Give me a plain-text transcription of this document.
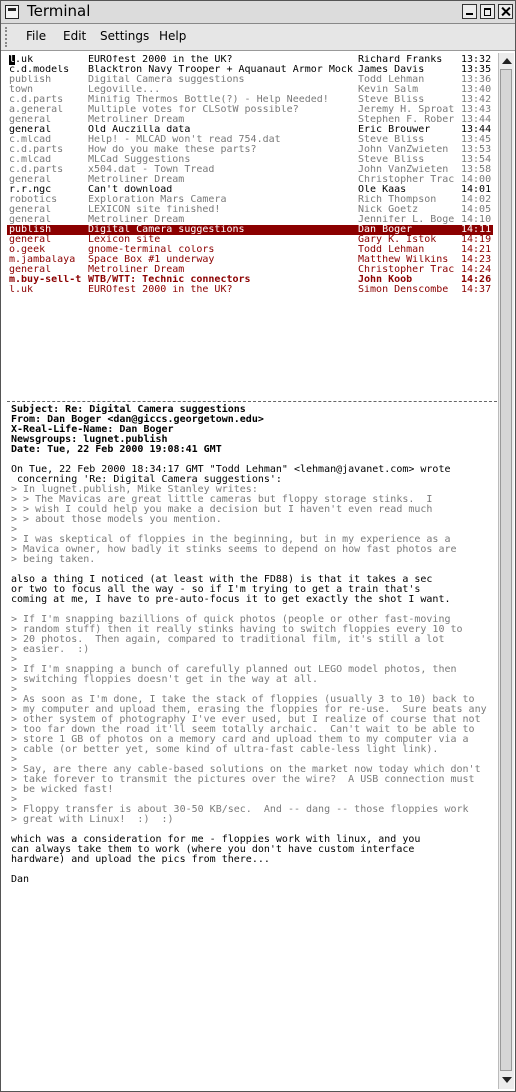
Terminal
File Edit Settings Help
l.uk	EUROfest 2000 in the UK?	Richard Franks	13:32
c.d.models	Blacktron Navy Trooper + Aquanaut Armor Mock James Davis	13:35
publish	Digital Camera suggestions	Todd Lehman	13:36
town	Legoville...	Kevin Salm	13:40
c.d.parts	Minifig Thermos Bottle(?) - Help Needed!	Steve Bliss	13:42
a.general	Multiple votes for CLSotW possible?	Jeremy H. Sproat 13:43
general	Metroliner Dream	Stephen F. Rober 13:44
general	Old Auczilla data	Eric Brouwer	13:44
c.mlcad	Help! - MLCAD won't read 754.dat	Steve Bliss	13:45
c.d.parts	How do you make these parts?	John VanZwieten	13:53
c.mlcad	MLCad Suggestions	Steve Bliss	13:54
c.d.parts	x504.dat - Town Tread	John VanZwieten	13:58
general	Metroliner Dream	Christopher Trac 14:00
r.r.ngc	Can't download	Ole Kaas	14:01
robotics	Exploration Mars Camera	Rich Thompson	14:02
general	LEXICON site finished!	Nick Goetz	14:05
general	Metroliner Dream	Jennifer L. Boge 14:10
publish	Digital Camera suggestions	Dan Boger	14:11
general	Lexicon site	Gary K. Istok	14:19
o.geek	gnome-terminal colors	Todd Lehman	14:21
m.jambalaya	Space Box #1 underway	Matthew Wilkins	14:23
general	Metroliner Dream	Christopher Trac 14:24
m.buy-sell-t WTB/WTT: Technic connectors	John Koob	14:26
l.uk	EUROfest 2000 in the UK?	Simon Denscombe	14:37
Subject: Re: Digital Camera suggestions
From: Dan Boger <dan@giccs.georgetown.edu>
X-Real-Life-Name: Dan Boger
Newsgroups: lugnet.publish
Date: Tue, 22 Feb 2000 19:08:41 GMT
On Tue, 22 Feb 2000 18:34:17 GMT "Todd Lehman" <lehman@javanet.com> wrote
concerning 'Re: Digital Camera suggestions':
> In lugnet.publish, Mike Stanley writes:
> > The Mavicas are great little cameras but floppy storage stinks.  I
> > wish I could help you make a decision but I haven't even read much
> > about those models you mention.
>
> I was skeptical of floppies in the beginning, but in my experience as a
> Mavica owner, how badly it stinks seems to depend on how fast photos are
> being taken.
also a thing I noticed (at least with the FD88) is that it takes a sec
or two to focus all the way - so if I'm trying to get a train that's
coming at me, I have to pre-auto-focus it to get exactly the shot I want.
> If I'm snapping bazillions of quick photos (people or other fast-moving
> random stuff) then it really stinks having to switch floppies every 10 to
> 20 photos.  Then again, compared to traditional film, it's still a lot
> easier.  :)
>
> If I'm snapping a bunch of carefully planned out LEGO model photos, then
> switching floppies doesn't get in the way at all.
>
> As soon as I'm done, I take the stack of floppies (usually 3 to 10) back to
> my computer and upload them, erasing the floppies for re-use.  Sure beats any
> other system of photography I've ever used, but I realize of course that not
> too far down the road it'll seem totally archaic.  Can't wait to be able to
> store 1 GB of photos on a memory card and upload them to my computer via a
> cable (or better yet, some kind of ultra-fast cable-less light link).
>
> Say, are there any cable-based solutions on the market now today which don't
> take forever to transmit the pictures over the wire?  A USB connection must
> be wicked fast!
>
> Floppy transfer is about 30-50 KB/sec.  And -- dang -- those floppies work
> great with Linux!  :)  :)
which was a consideration for me - floppies work with linux, and you
can always take them to work (where you don't have custom interface
hardware) and upload the pics from there...
Dan
